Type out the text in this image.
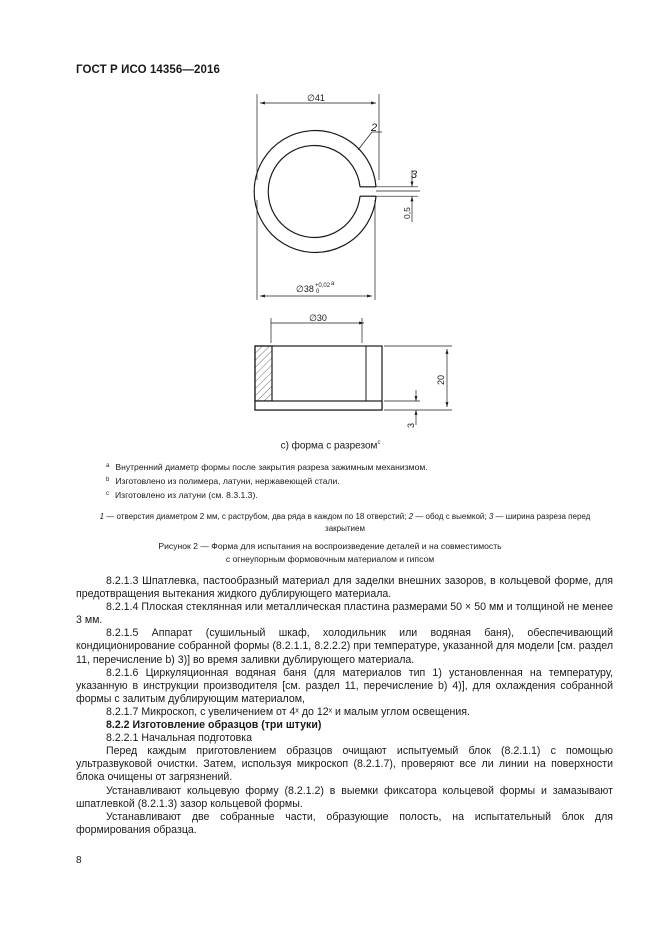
ГОСТ Р ИСО 14356—2016
∅41
2
3
0,5
$\emptyset 38^{+0,02a}$
0
∅30
20
3
c) форма с разрезом$^c$
$^a$ Внутренний диаметр формы после закрытия разреза зажимным механизмом.
$^b$ Изготовлено из полимера, латуни, нержавеющей стали.
$^c$ Изготовлено из латуни (см. 8.3.1.3).
1 — отверстия диаметром 2 мм, с раструбом, два ряда в каждом по 18 отверстий; 2 — обод с выемкой; 3 — ширина разреза перед закрытием
Рисунок 2 — Форма для испытания на воспроизведение деталей и на совместимость
с огнеупорным формовочным материалом и гипсом

8.2.1.3 Шпатлевка, пастообразный материал для заделки внешних зазоров, в кольцевой форме, для предотвращения вытекания жидкого дублирующего материала.

8.2.1.4 Плоская стеклянная или металлическая пластина размерами 50 × 50 мм и толщиной не менее 3 мм.

8.2.1.5 Аппарат (сушильный шкаф, холодильник или водяная баня), обеспечивающий кондиционирование собранной формы (8.2.1.1, 8.2.2.2) при температуре, указанной для модели [см. раздел 11, перечисление b) 3)] во время заливки дублирующего материала.

8.2.1.6 Циркуляционная водяная баня (для материалов тип 1) установленная на температуру, указанную в инструкции производителя [см. раздел 11, перечисление b) 4)], для охлаждения собранной формы с залитым дублирующим материалом,

8.2.1.7 Микроскоп, с увеличением от 4ˣ до 12ˣ и малым углом освещения.

8.2.2 Изготовление образцов (три штуки)

8.2.2.1 Начальная подготовка

Перед каждым приготовлением образцов очищают испытуемый блок (8.2.1.1) с помощью ультразвуковой очистки. Затем, используя микроскоп (8.2.1.7), проверяют все ли линии на поверхности блока очищены от загрязнений.

Устанавливают кольцевую форму (8.2.1.2) в выемки фиксатора кольцевой формы и замазывают шпатлевкой (8.2.1.3) зазор кольцевой формы.

Устанавливают две собранные части, образующие полость, на испытательный блок для формирования образца.

8
